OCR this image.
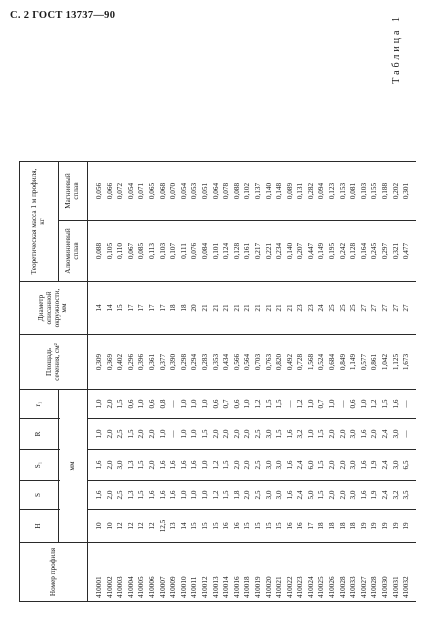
С. 2 ГОСТ 13737—90	Таблица 1
Номер профиля	H	S	S₁	R	r₁	Площадь сечения, см²	Диаметр описанной окружности, мм	Теоретическая масса 1 м профиля, кг	
								Алюминиевый сплав	Магниевый сплав
	мм								
410001	10	1,6	1,6	1,0	1,0	0,309	14	0,088	0,056
410002	10	2,0	2,0	2,0	2,0	0,369	14	0,105	0,066
410003	12	2,5	3,0	2,5	1,5	0,402	15	0,110	0,072
410004	12	1,3	1,3	1,5	0,6	0,296	17	0,067	0,054
410005	12	1,5	1,5	2,0	1,0	0,396	17	0,085	0,071
410006	12	1,6	2,0	2,0	0,6	0,361	17	0,113	0,065
410007	12,5	1,6	1,6	1,0	0,8	0,377	17	0,103	0,068
410009	13	1,6	1,6	—	—	0,390	18	0,107	0,070
410010	14	1,0	1,6	1,0	1,0	0,298	18	0,111	0,054
410011	15	1,0	1,6	1,0	1,0	0,294	20	0,076	0,053
410012	15	1,0	1,0	1,5	1,0	0,283	21	0,084	0,051
410013	15	1,2	1,2	2,0	0,6	0,353	21	0,101	0,064
410014	16	1,5	1,5	2,0	0,7	0,434	21	0,124	0,078
410016	16	1,8	2,0	2,0	0,6	0,566	21	0,128	0,088
410018	15	2,0	2,0	2,0	1,0	0,564	21	0,161	0,102
410019	15	2,5	2,5	2,5	1,2	0,703	21	0,217	0,137
410020	15	3,0	3,0	3,0	1,5	0,763	21	0,221	0,140
410021	15	3,0	3,0	1,5	1,5	0,820	21	0,234	0,148
410022	16	1,6	1,6	1,6	—	0,492	21	0,140	0,089
410023	16	2,4	2,4	3,2	1,2	0,728	23	0,207	0,131
410024	17	5,0	6,0	1,0	1,0	1,568	23	0,447	0,282
410025	18	1,5	1,5	1,5	0,7	0,524	24	0,149	0,094
410026	18	2,0	2,0	2,0	1,0	0,684	25	0,195	0,123
410028	18	2,0	2,0	2,0	—	0,849	25	0,242	0,153
410033	18	3,0	3,0	3,0	0,6	1,149	25	0,128	0,081
410027	19	1,6	1,6	1,6	1,0	0,577	27	0,164	0,103
410028	19	1,9	1,9	2,0	1,2	0,861	27	0,245	0,155
410030	19	2,4	2,4	2,4	1,5	1,042	27	0,297	0,188
410031	19	3,2	3,0	3,0	1,6	1,125	27	0,321	0,202
410032	19	3,5	6,5	—	—	1,673	27	0,477	0,301
